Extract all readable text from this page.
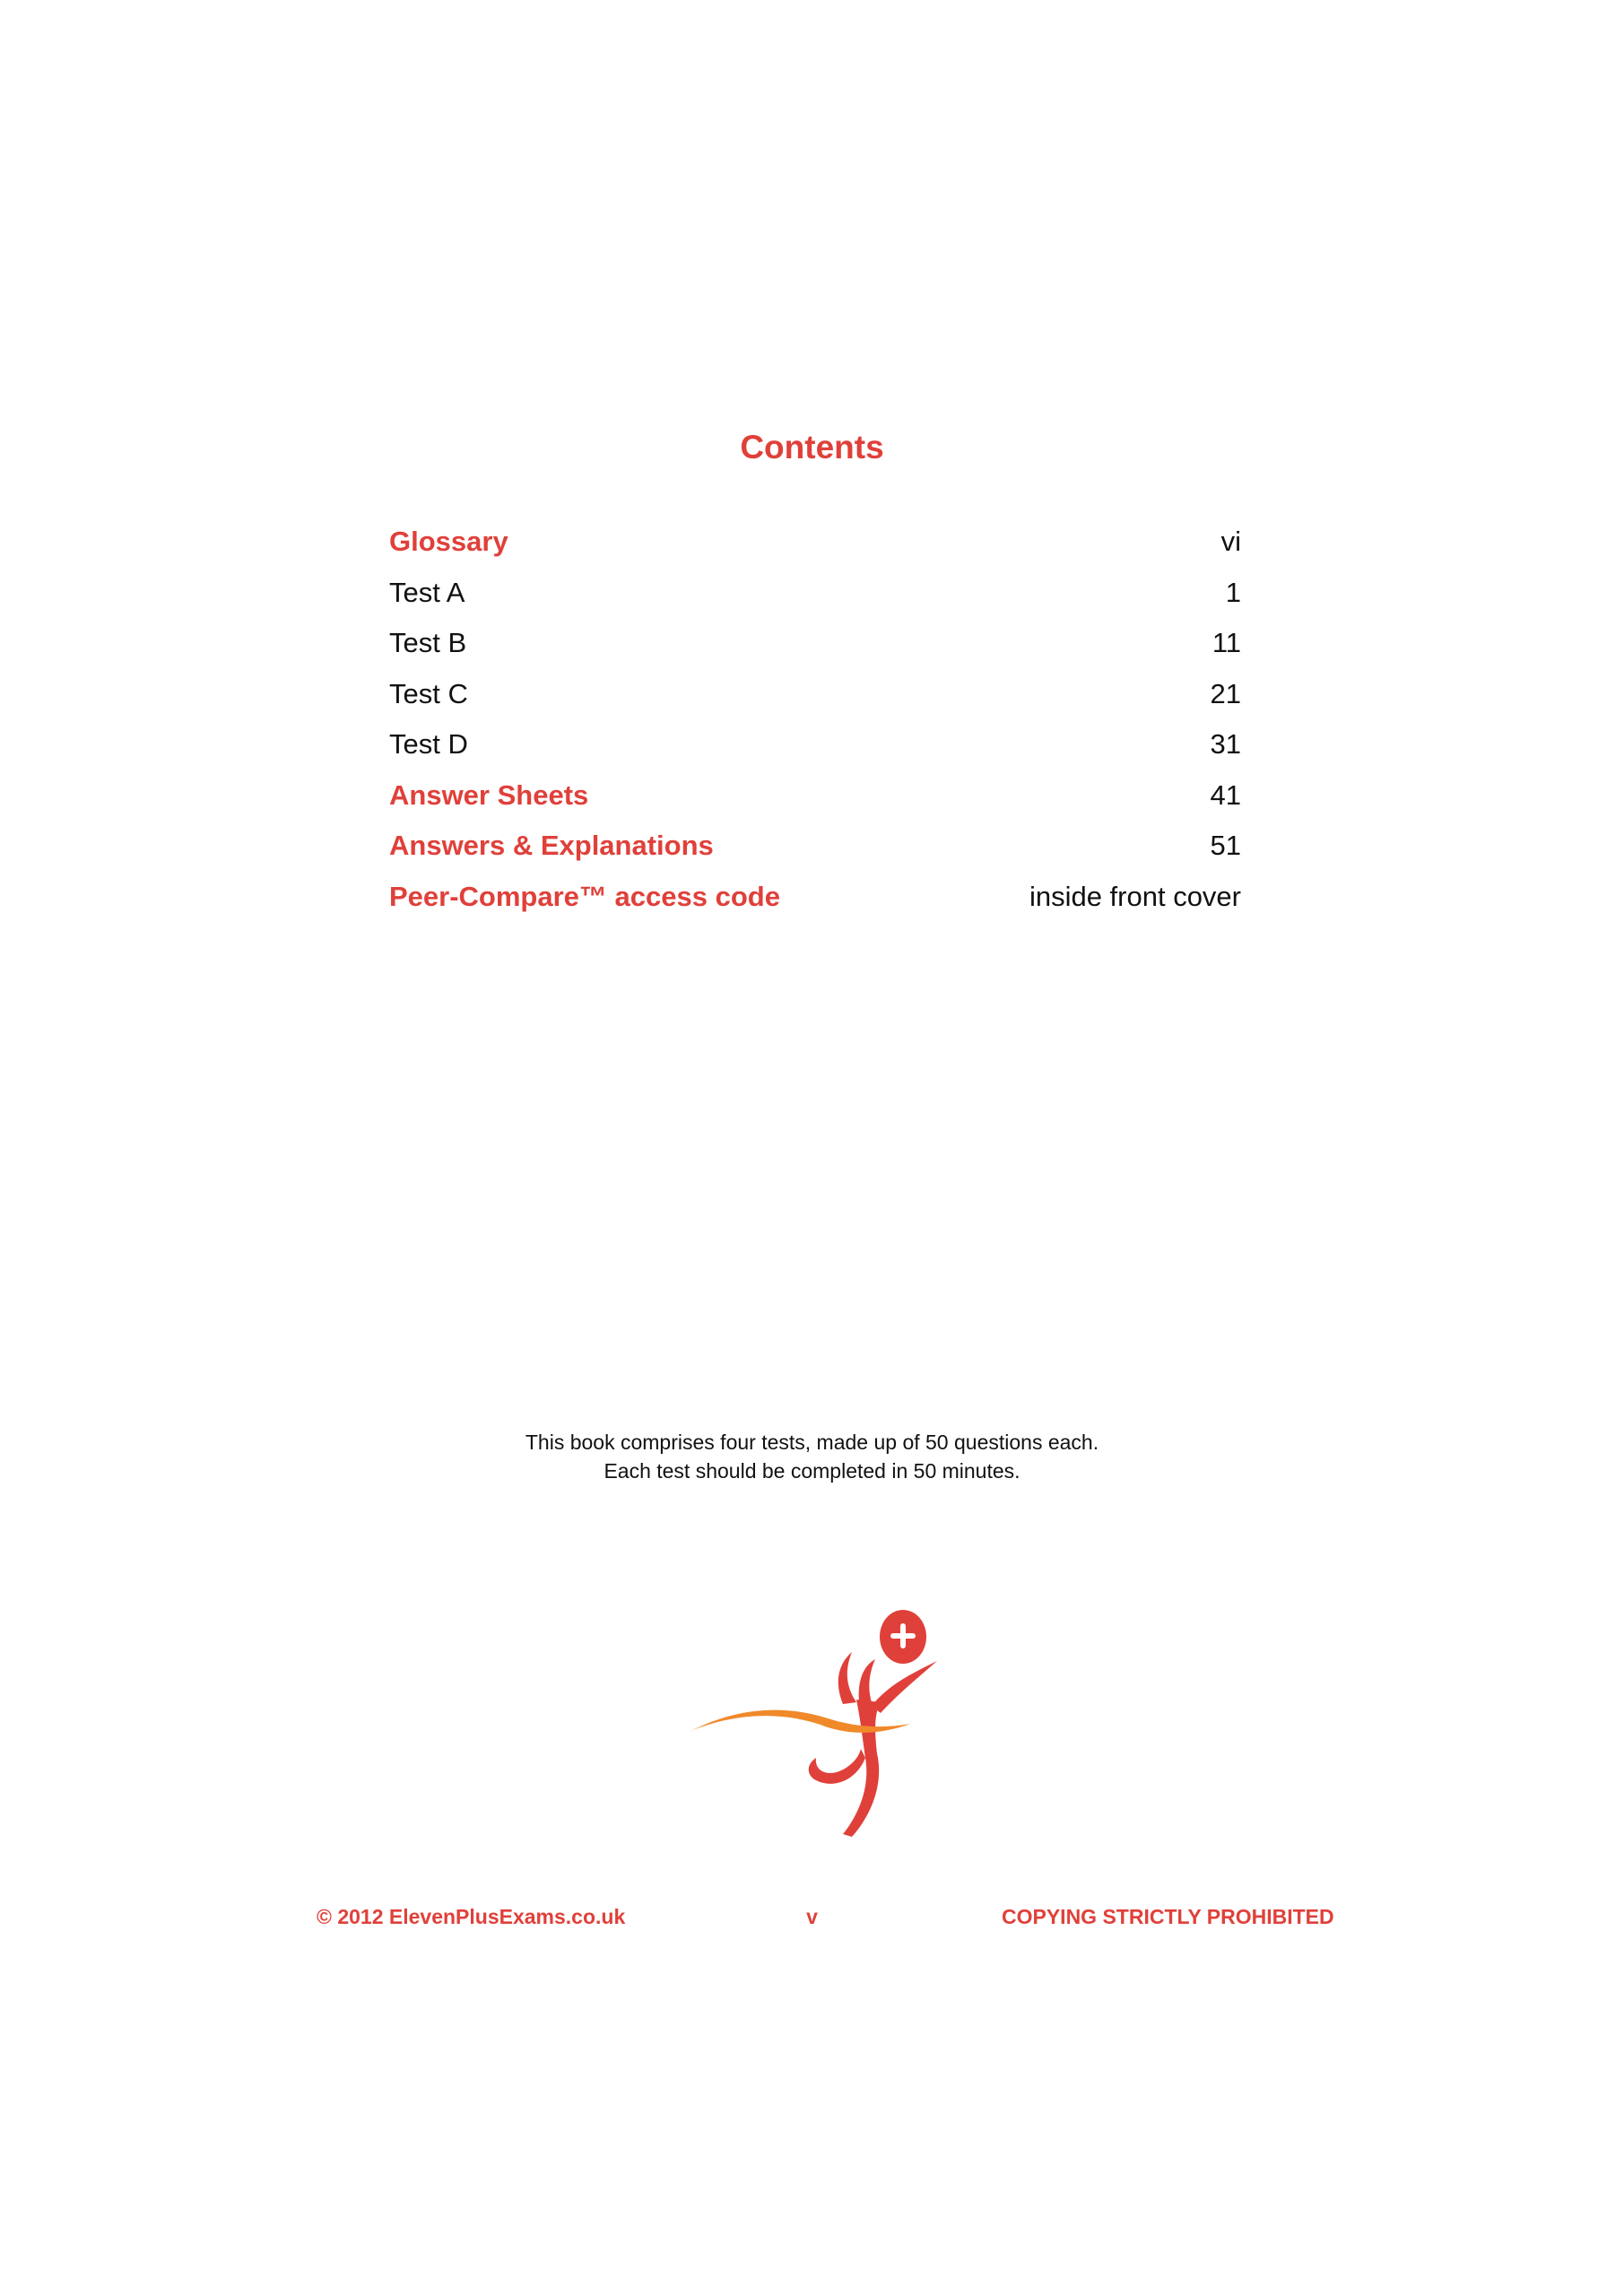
Contents
Glossary	vi
Test A	1
Test B	11
Test C	21
Test D	31
Answer Sheets	41
Answers & Explanations	51
Peer-Compare™ access code	inside front cover
This book comprises four tests, made up of 50 questions each.
Each test should be completed in 50 minutes.
© 2012 ElevenPlusExams.co.uk	v	COPYING STRICTLY PROHIBITED
